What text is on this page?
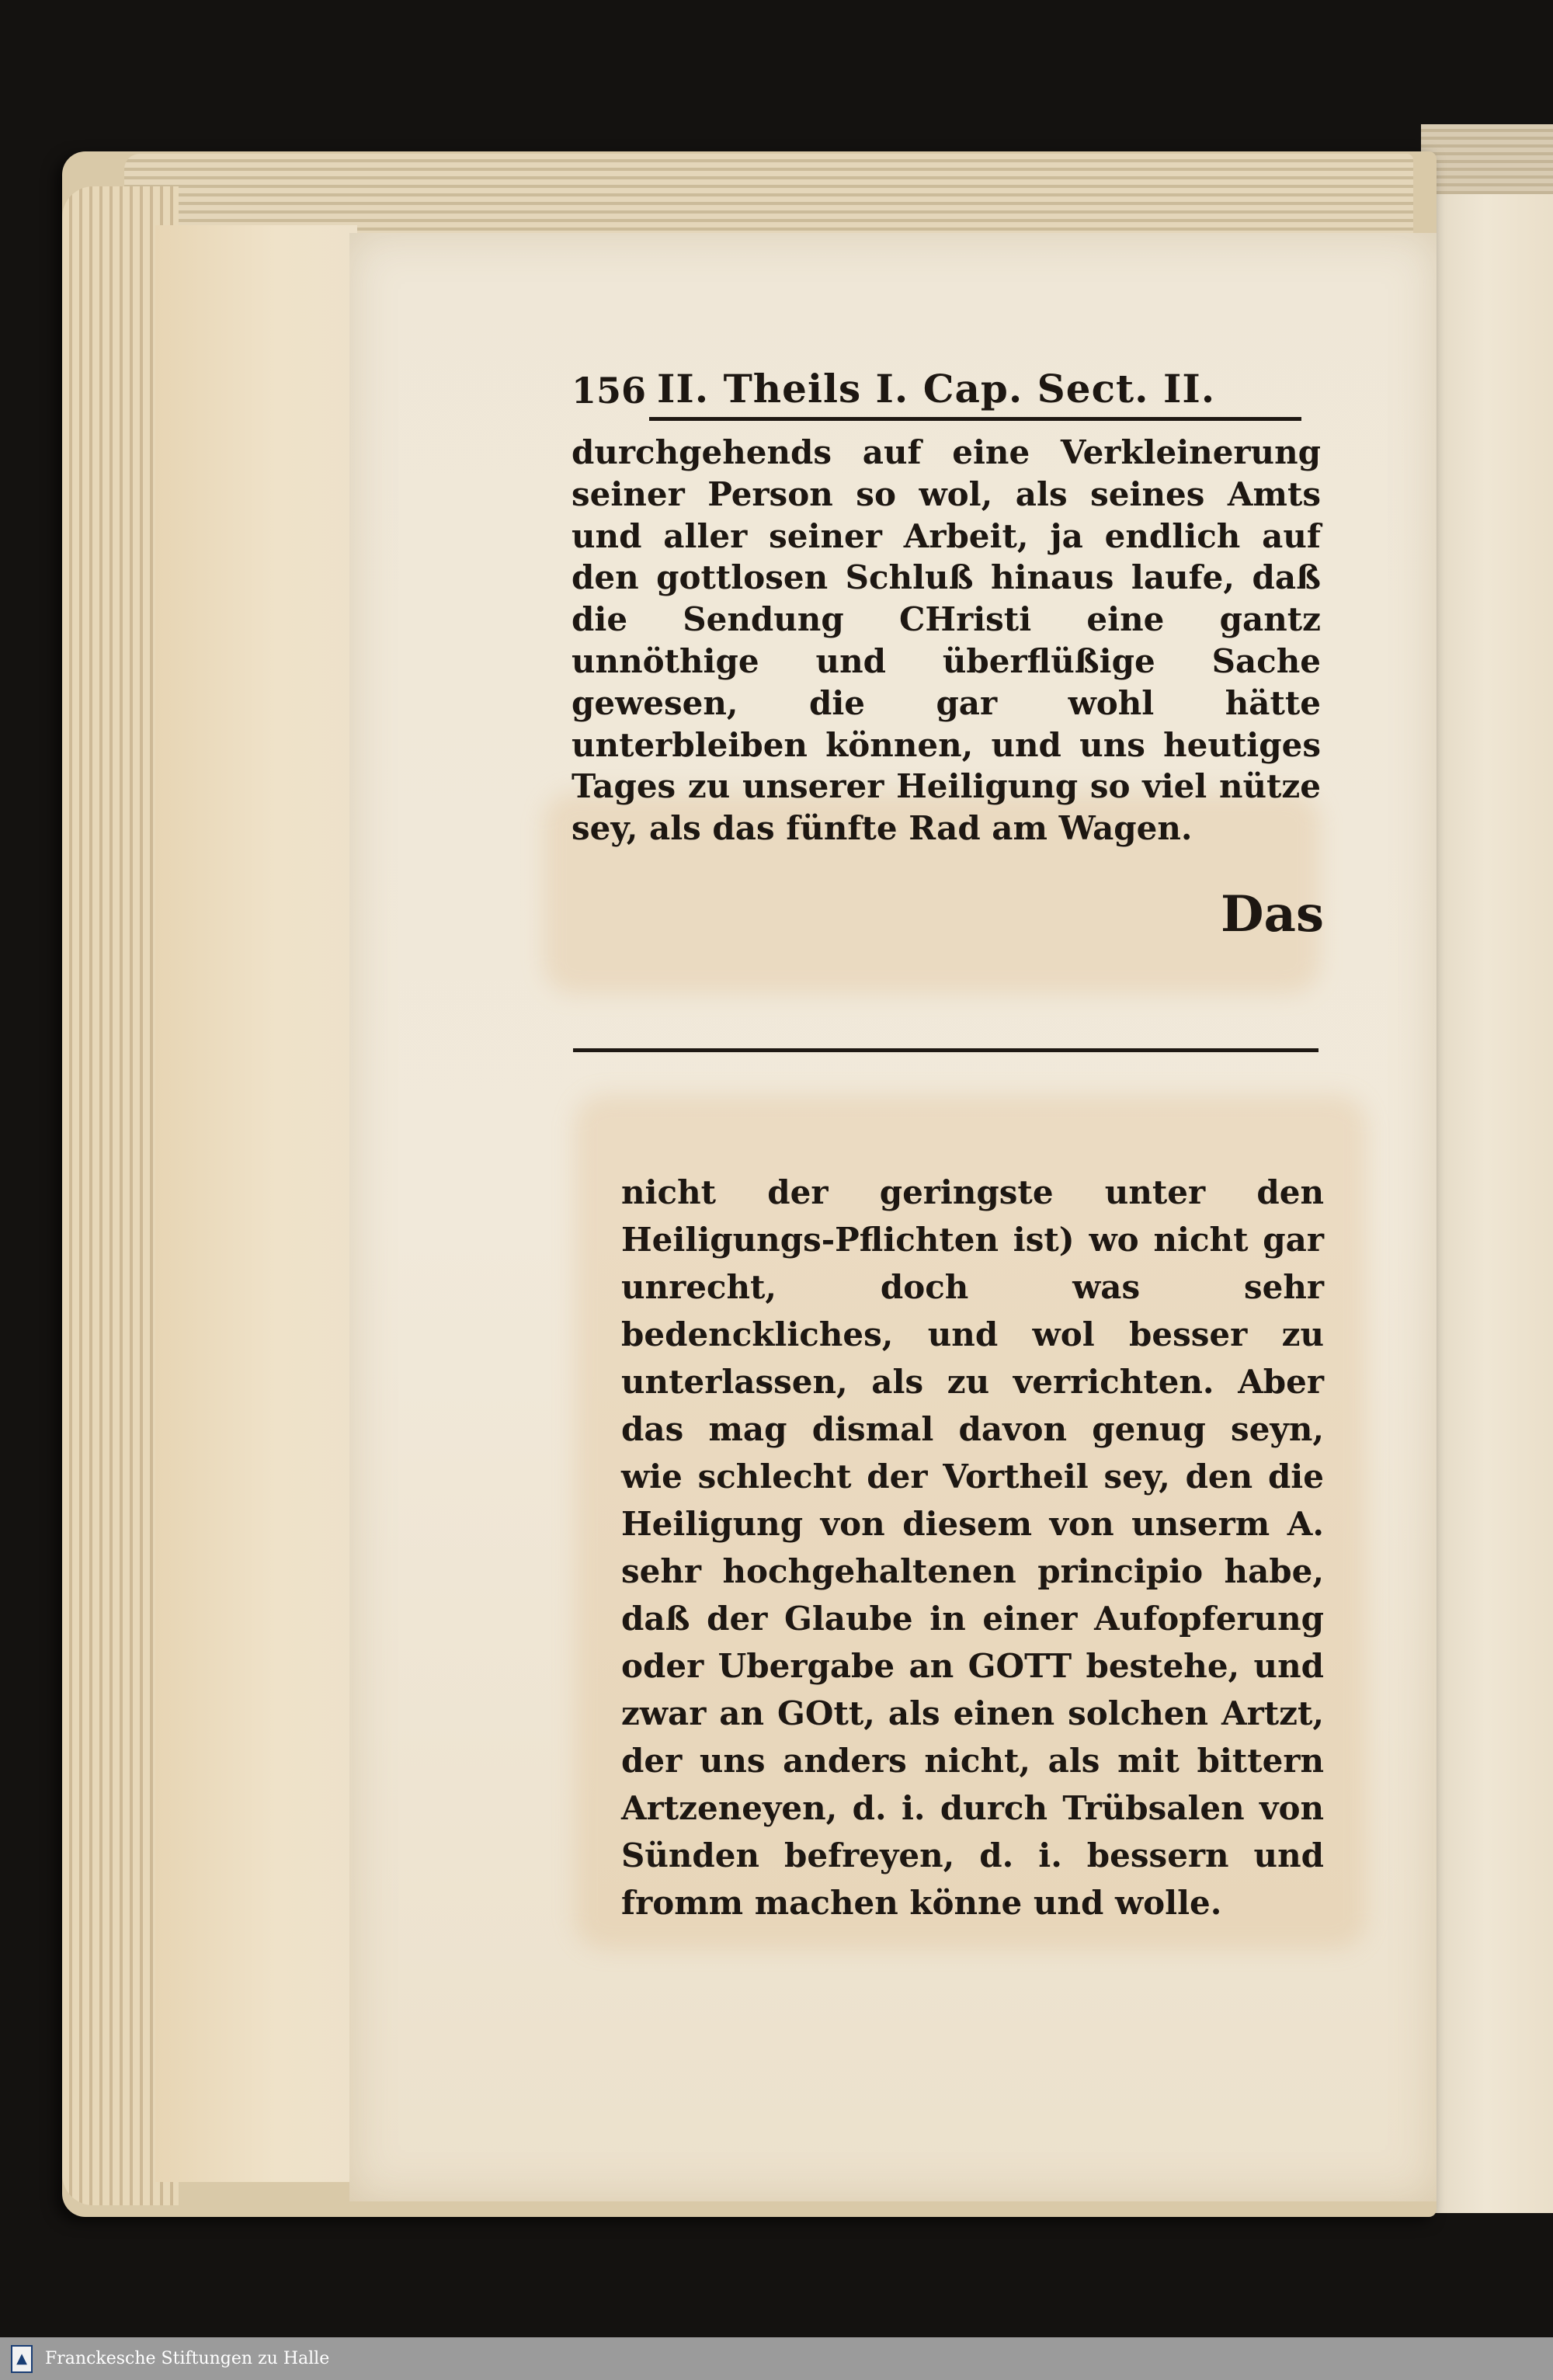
156 II. Theils I. Cap. Sect. II.
durchgehends auf eine Verkleinerung seiner Person so wol, als seines Amts und aller seiner Arbeit, ja endlich auf den gottlosen Schluß hinaus laufe, daß die Sendung CHristi eine gantz unnöthige und überflüßige Sache gewesen, die gar wohl hätte unterbleiben können, und uns heutiges Tages zu unserer Heiligung so viel nütze sey, als das fünfte Rad am Wagen.
Das
nicht der geringste unter den Heiligungs-Pflichten ist) wo nicht gar unrecht, doch was sehr bedenckliches, und wol besser zu unterlassen, als zu verrichten. Aber das mag dismal davon genug seyn, wie schlecht der Vortheil sey, den die Heiligung von diesem von unserm A. sehr hochgehaltenen principio habe, daß der Glaube in einer Aufopferung oder Ubergabe an GOTT bestehe, und zwar an GOtt, als einen solchen Artzt, der uns anders nicht, als mit bittern Artzeneyen, d. i. durch Trübsalen von Sünden befreyen, d. i. bessern und fromm machen könne und wolle.
▲	Franckesche Stiftungen zu Halle
